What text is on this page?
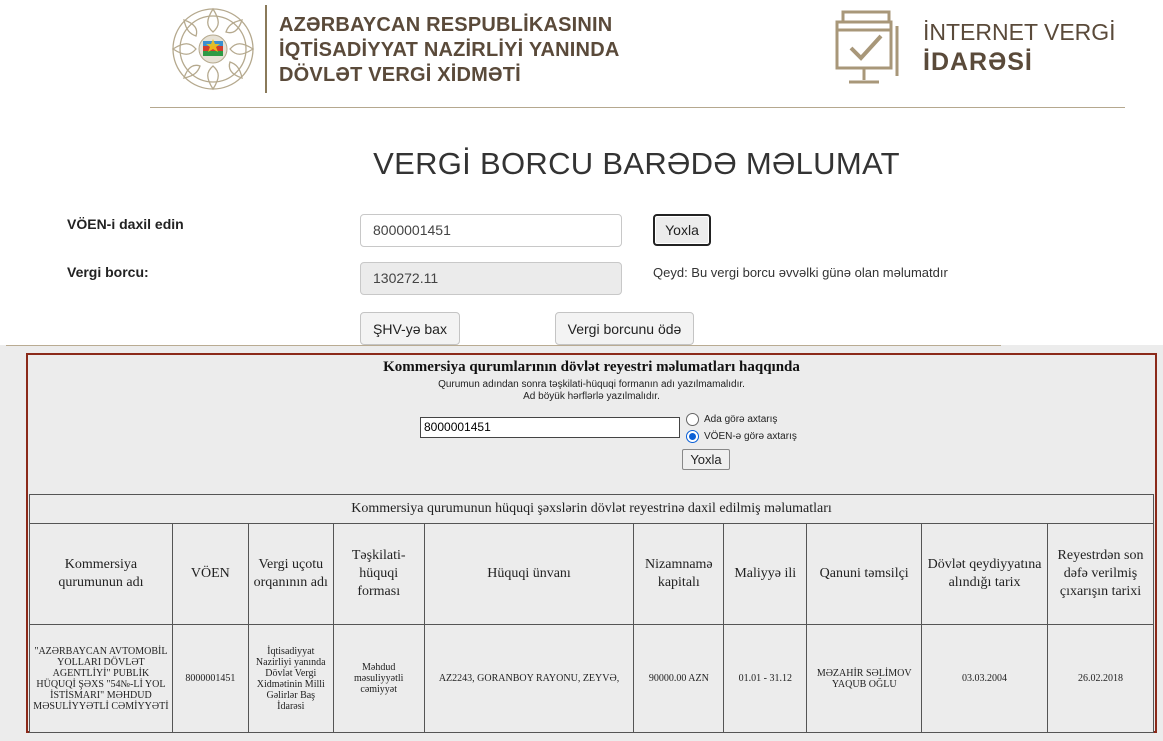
AZƏRBAYCAN RESPUBLİKASININ
İQTİSADİYYAT NAZİRLİYİ YANINDA
DÖVLƏT VERGİ XİDMƏTİ
İNTERNET VERGİ
İDARƏSİ
VERGİ BORCU BARƏDƏ MƏLUMAT
VÖEN-i daxil edin	8000001451	Yoxla
Vergi borcu:	130272.11	Qeyd: Bu vergi borcu əvvəlki günə olan məlumatdır
ŞHV-yə bax	Vergi borcunu ödə
Kommersiya qurumlarının dövlət reyestri məlumatları haqqında
Qurumun adından sonra təşkilati-hüquqi formanın adı yazılmamalıdır.
Ad böyük hərflərlə yazılmalıdır.
8000001451
Ada görə axtarış
VÖEN-ə görə axtarış
Yoxla
Kommersiya qurumunun hüquqi şəxslərin dövlət reyestrinə daxil edilmiş məlumatları									
Kommersiya qurumunun adı	VÖEN	Vergi uçotu orqanının adı	Təşkilati-hüquqi forması	Hüquqi ünvanı	Nizamnamə kapitalı	Maliyyə ili	Qanuni təmsilçi	Dövlət qeydiyyatına alındığı tarix	Reyestrdən son dəfə verilmiş çıxarışın tarixi
"AZƏRBAYCAN AVTOMOBİL YOLLARI DÖVLƏT AGENTLİYİ" PUBLİK HÜQUQİ ŞƏXS "54№-Lİ YOL İSTİSMARI" MƏHDUD MƏSULİYYƏTLİ CƏMİYYƏTİ	8000001451	İqtisadiyyat Nazirliyi yanında Dövlət Vergi Xidmətinin Milli Gəlirlər Baş İdarəsi	Məhdud məsuliyyətli cəmiyyət	AZ2243, GORANBOY RAYONU, ZEYVƏ,	90000.00 AZN	01.01 - 31.12	MƏZAHİR SƏLİMOV YAQUB OĞLU	03.03.2004	26.02.2018
